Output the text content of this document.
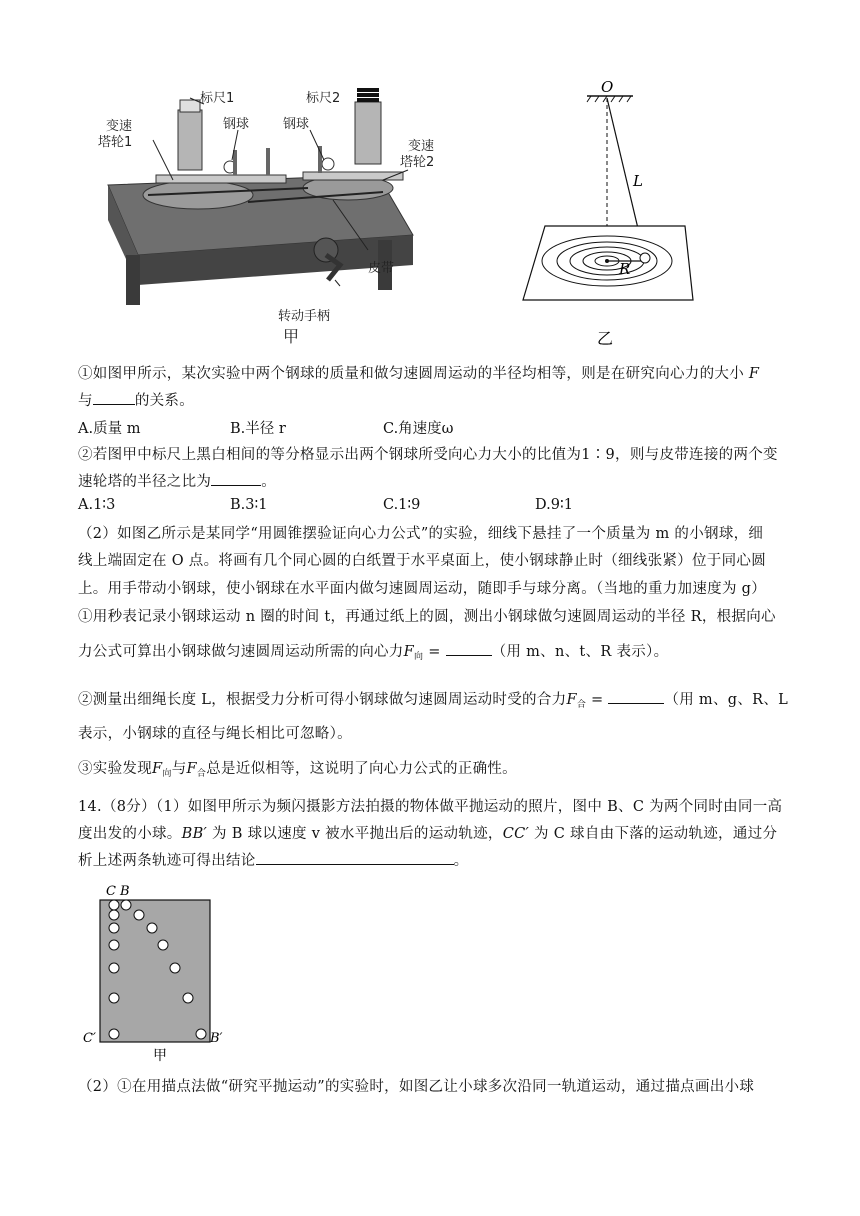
标尺1	标尺2
钢球	钢球
变速
塔轮1	变速
塔轮2
皮带
转动手柄
甲
O
L
R
乙
①如图甲所示，某次实验中两个钢球的质量和做匀速圆周运动的半径均相等，则是在研究向心力的大小 F
与	的关系。
A.质量 m	B.半径 r	C.角速度ω
②若图甲中标尺上黑白相间的等分格显示出两个钢球所受向心力大小的比值为1∶9，则与皮带连接的两个变
速轮塔的半径之比为	。
A.1∶3	B.3∶1	C.1∶9	D.9∶1
（2）如图乙所示是某同学“用圆锥摆验证向心力公式”的实验，细线下悬挂了一个质量为 m 的小钢球，细
线上端固定在 O 点。将画有几个同心圆的白纸置于水平桌面上，使小钢球静止时（细线张紧）位于同心圆
上。用手带动小钢球，使小钢球在水平面内做匀速圆周运动，随即手与球分离。（当地的重力加速度为 g）
①用秒表记录小钢球运动 n 圈的时间 t，再通过纸上的圆，测出小钢球做匀速圆周运动的半径 R，根据向心
力公式可算出小钢球做匀速圆周运动所需的向心力$F_向$ =	（用 m、n、t、R 表示）。
②测量出细绳长度 L，根据受力分析可得小钢球做匀速圆周运动时受的合力$F_合$ =	（用 m、g、R、L
表示，小钢球的直径与绳长相比可忽略）。
③实验发现$F_向$与$F_合$总是近似相等，这说明了向心力公式的正确性。
14.（8分）（1）如图甲所示为频闪摄影方法拍摄的物体做平抛运动的照片，图中 B、C 为两个同时由同一高
度出发的小球。BB′ 为 B 球以速度 v 被水平抛出后的运动轨迹，CC′ 为 C 球自由下落的运动轨迹，通过分
析上述两条轨迹可得出结论	。
C B
C′	B′
甲
（2）①在用描点法做“研究平抛运动”的实验时，如图乙让小球多次沿同一轨道运动，通过描点画出小球
